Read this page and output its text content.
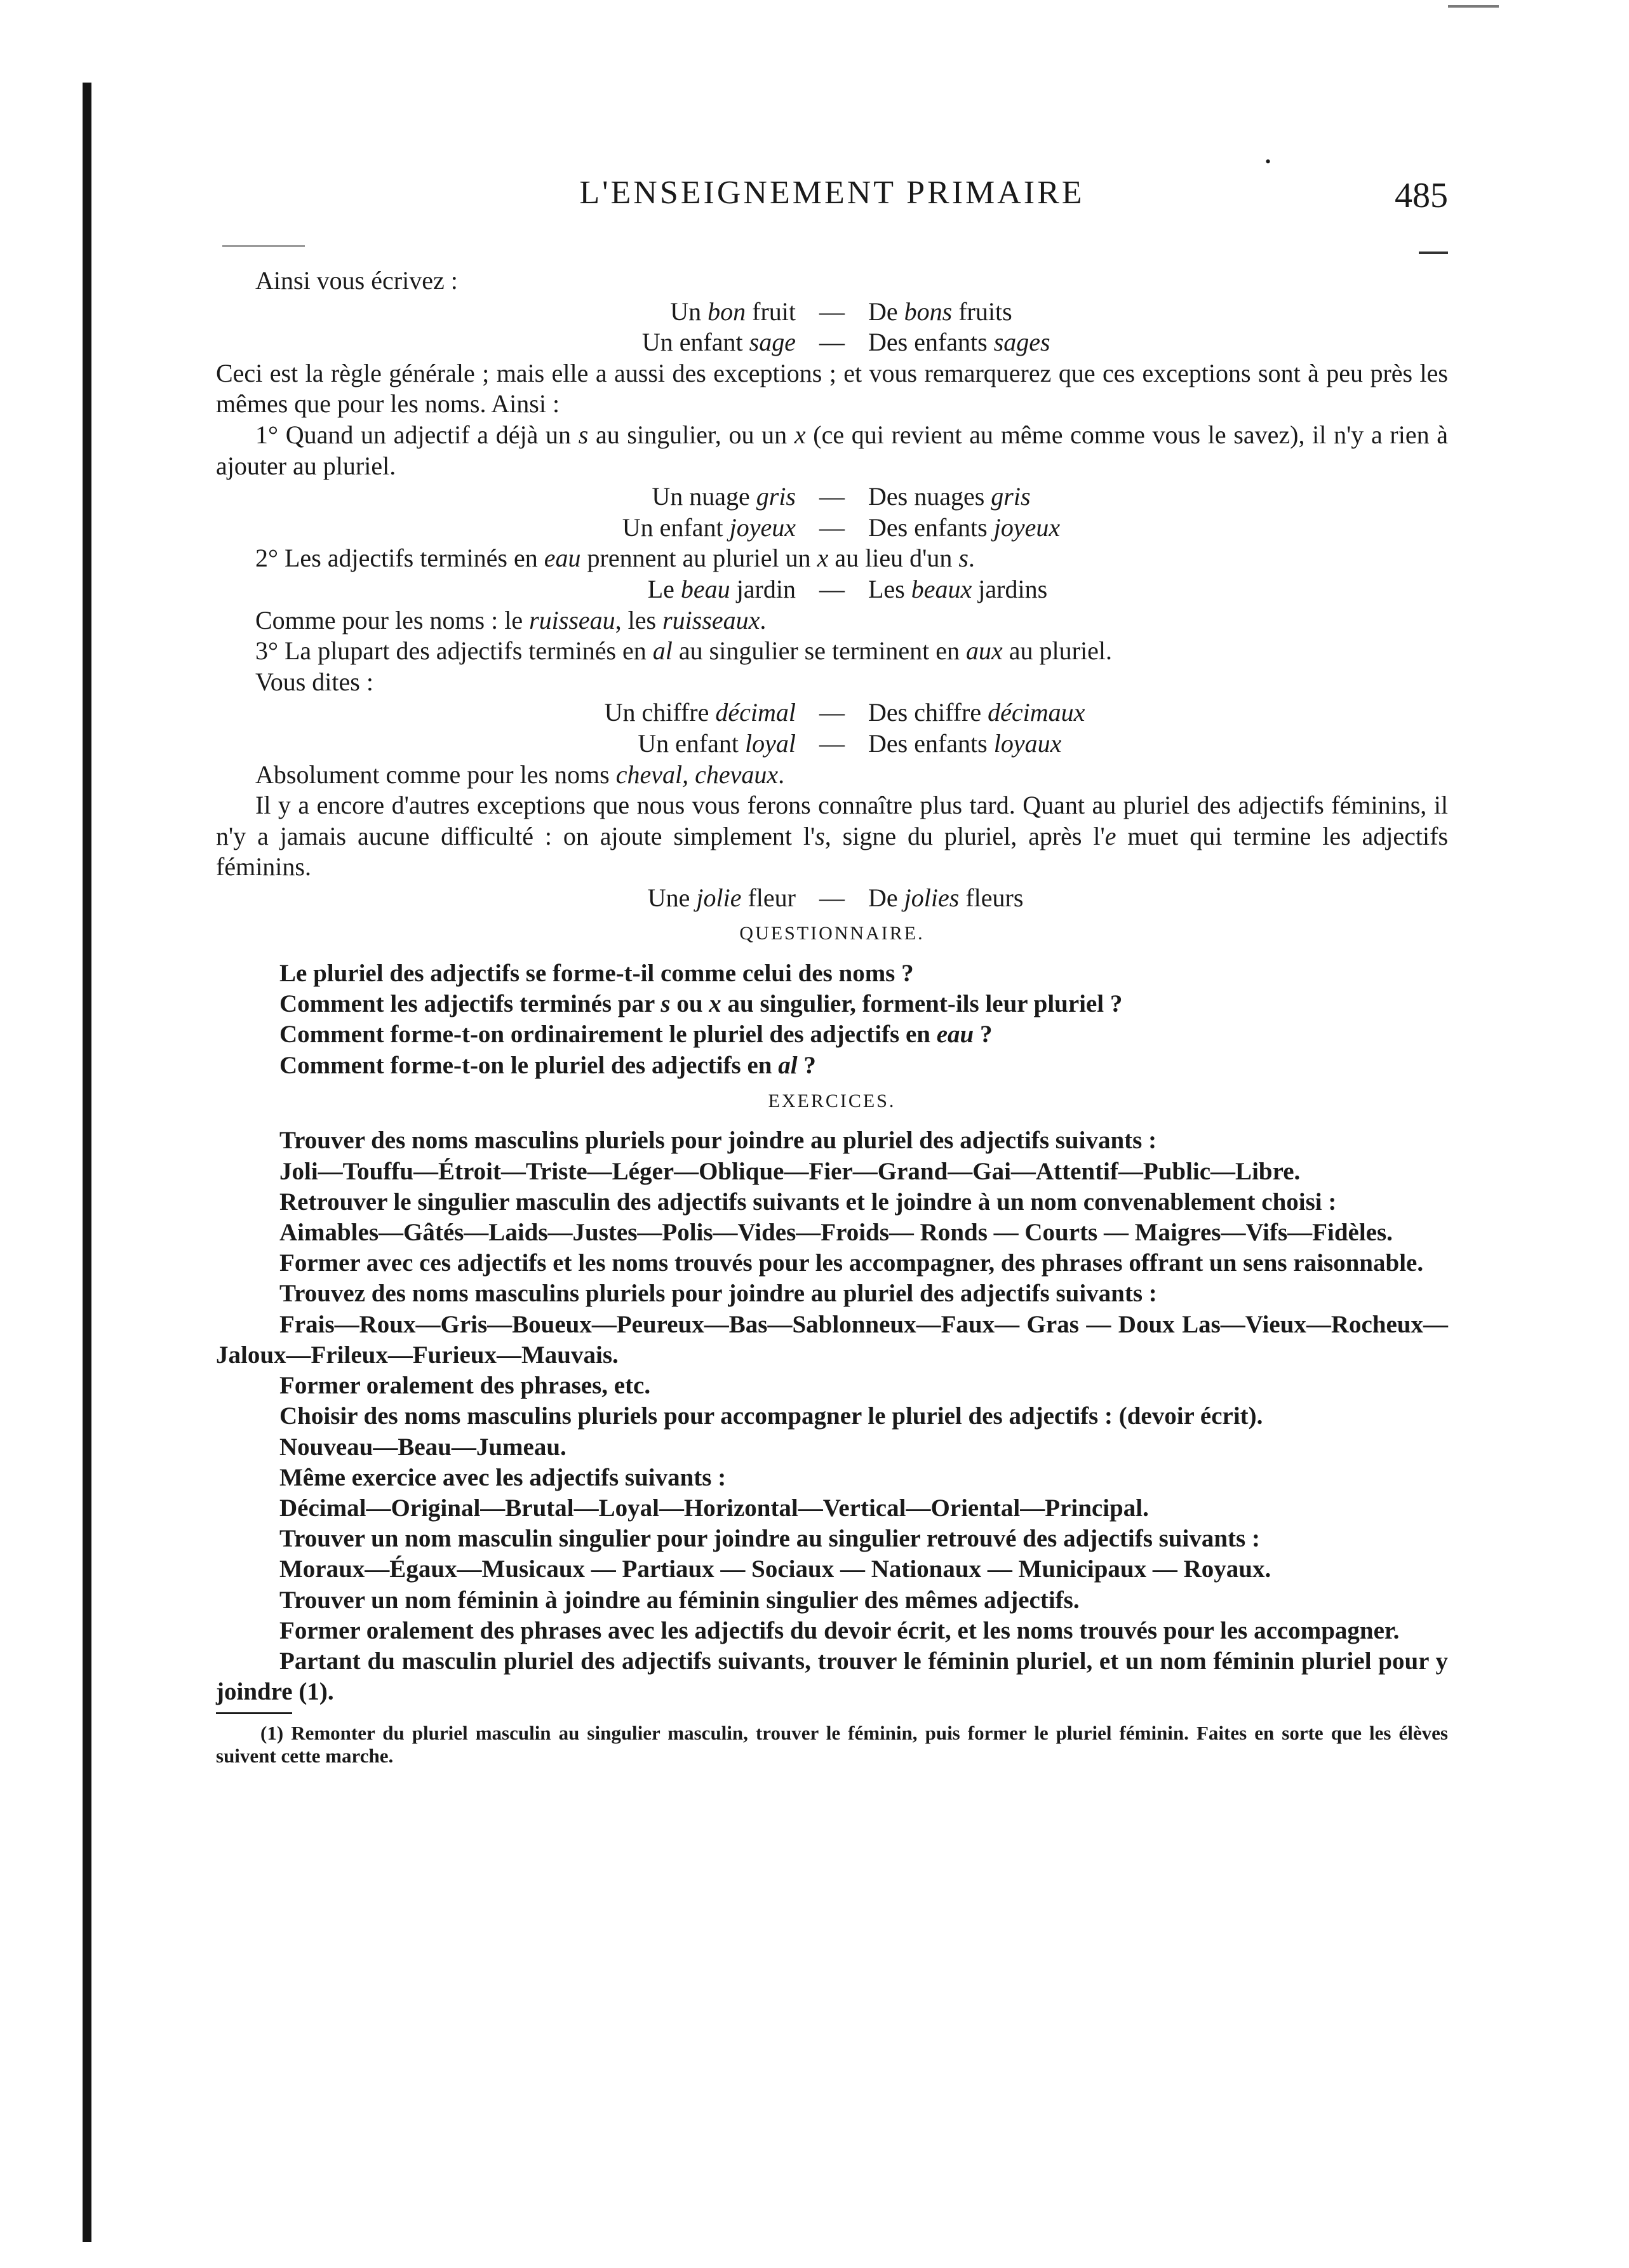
L'ENSEIGNEMENT PRIMAIRE	485

Ainsi vous écrivez :

Un bon fruit — De bons fruits
Un enfant sage — Des enfants sages

Ceci est la règle générale ; mais elle a aussi des exceptions ; et vous remarquerez que ces exceptions sont à peu près les mêmes que pour les noms. Ainsi :

1° Quand un adjectif a déjà un s au singulier, ou un x (ce qui revient au même comme vous le savez), il n'y a rien à ajouter au pluriel.

Un nuage gris — Des nuages gris
Un enfant joyeux — Des enfants joyeux

2° Les adjectifs terminés en eau prennent au pluriel un x au lieu d'un s.

Le beau jardin — Les beaux jardins

Comme pour les noms : le ruisseau, les ruisseaux.

3° La plupart des adjectifs terminés en al au singulier se terminent en aux au pluriel.

Vous dites :

Un chiffre décimal — Des chiffre décimaux
Un enfant loyal — Des enfants loyaux

Absolument comme pour les noms cheval, chevaux.

Il y a encore d'autres exceptions que nous vous ferons connaître plus tard. Quant au pluriel des adjectifs féminins, il n'y a jamais aucune difficulté : on ajoute simplement l's, signe du pluriel, après l'e muet qui termine les adjectifs féminins.

Une jolie fleur — De jolies fleurs
QUESTIONNAIRE.

Le pluriel des adjectifs se forme-t-il comme celui des noms ?

Comment les adjectifs terminés par s ou x au singulier, forment-ils leur pluriel ?

Comment forme-t-on ordinairement le pluriel des adjectifs en eau ?

Comment forme-t-on le pluriel des adjectifs en al ?

EXERCICES.

Trouver des noms masculins pluriels pour joindre au pluriel des adjectifs suivants :

Joli—Touffu—Étroit—Triste—Léger—Oblique—Fier—Grand—Gai—Attentif—Public—Libre.

Retrouver le singulier masculin des adjectifs suivants et le joindre à un nom convenablement choisi :

Aimables—Gâtés—Laids—Justes—Polis—Vides—Froids— Ronds — Courts — Maigres—Vifs—Fidèles.

Former avec ces adjectifs et les noms trouvés pour les accompagner, des phrases offrant un sens raisonnable.

Trouvez des noms masculins pluriels pour joindre au pluriel des adjectifs suivants :

Frais—Roux—Gris—Boueux—Peureux—Bas—Sablonneux—Faux— Gras — Doux Las—Vieux—Rocheux—Jaloux—Frileux—Furieux—Mauvais.

Former oralement des phrases, etc.

Choisir des noms masculins pluriels pour accompagner le pluriel des adjectifs : (devoir écrit).

Nouveau—Beau—Jumeau.

Même exercice avec les adjectifs suivants :

Décimal—Original—Brutal—Loyal—Horizontal—Vertical—Oriental—Principal.

Trouver un nom masculin singulier pour joindre au singulier retrouvé des adjectifs suivants :

Moraux—Égaux—Musicaux — Partiaux — Sociaux — Nationaux — Municipaux — Royaux.

Trouver un nom féminin à joindre au féminin singulier des mêmes adjectifs.

Former oralement des phrases avec les adjectifs du devoir écrit, et les noms trouvés pour les accompagner.

Partant du masculin pluriel des adjectifs suivants, trouver le féminin pluriel, et un nom féminin pluriel pour y joindre (1).

(1) Remonter du pluriel masculin au singulier masculin, trouver le féminin, puis former le pluriel féminin. Faites en sorte que les élèves suivent cette marche.

•
